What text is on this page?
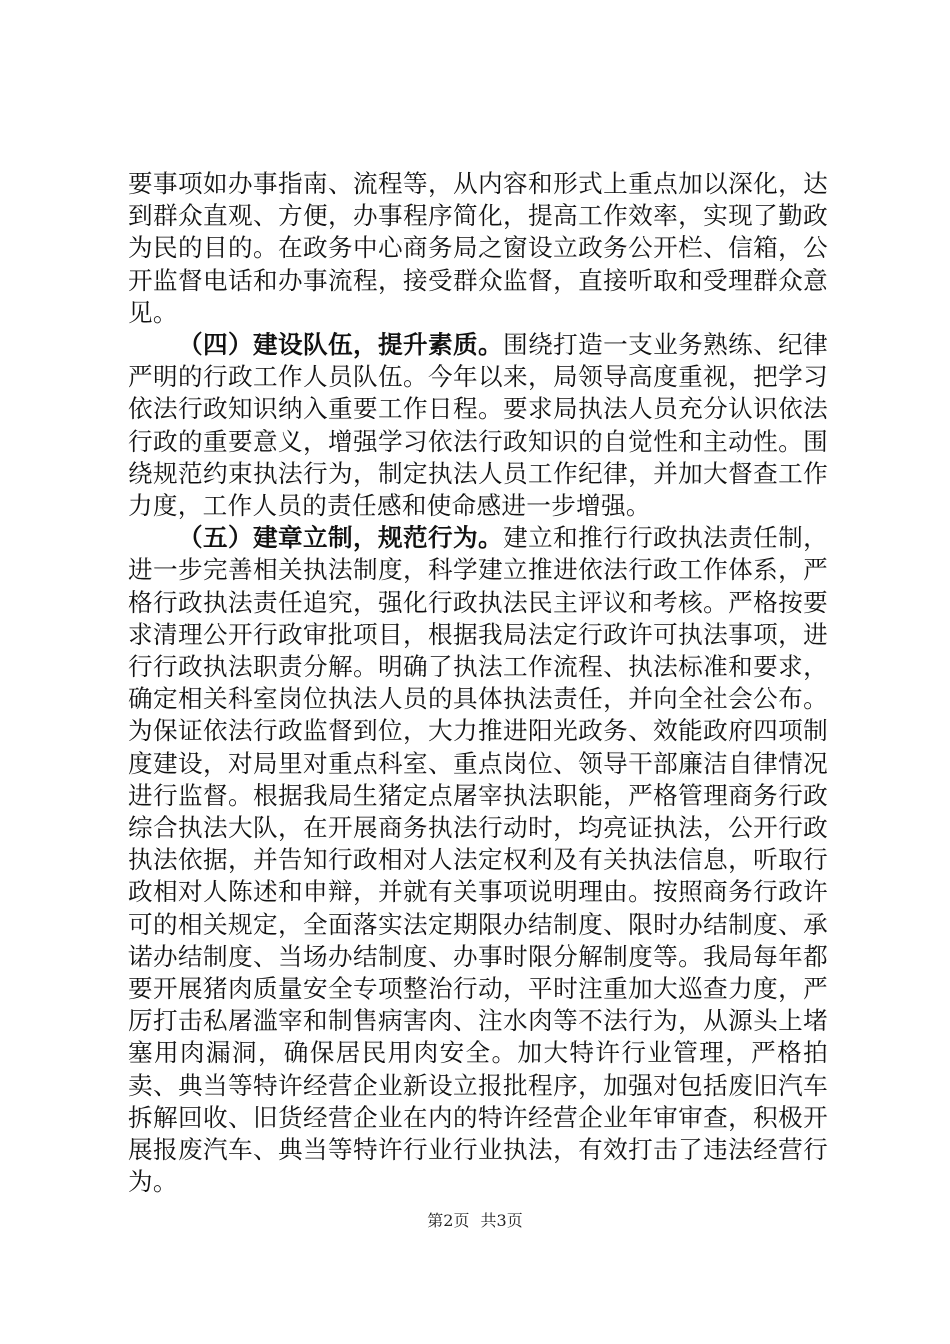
要事项如办事指南、流程等，从内容和形式上重点加以深化，达到群众直观、方便，办事程序简化，提高工作效率，实现了勤政为民的目的。在政务中心商务局之窗设立政务公开栏、信箱，公开监督电话和办事流程，接受群众监督，直接听取和受理群众意见。

（四）建设队伍，提升素质。围绕打造一支业务熟练、纪律严明的行政工作人员队伍。今年以来，局领导高度重视，把学习依法行政知识纳入重要工作日程。要求局执法人员充分认识依法行政的重要意义，增强学习依法行政知识的自觉性和主动性。围绕规范约束执法行为，制定执法人员工作纪律，并加大督查工作力度，工作人员的责任感和使命感进一步增强。

（五）建章立制，规范行为。建立和推行行政执法责任制，进一步完善相关执法制度，科学建立推进依法行政工作体系，严格行政执法责任追究，强化行政执法民主评议和考核。严格按要求清理公开行政审批项目，根据我局法定行政许可执法事项，进行行政执法职责分解。明确了执法工作流程、执法标准和要求，确定相关科室岗位执法人员的具体执法责任，并向全社会公布。为保证依法行政监督到位，大力推进阳光政务、效能政府四项制度建设，对局里对重点科室、重点岗位、领导干部廉洁自律情况进行监督。根据我局生猪定点屠宰执法职能，严格管理商务行政综合执法大队，在开展商务执法行动时，均亮证执法，公开行政执法依据，并告知行政相对人法定权利及有关执法信息，听取行政相对人陈述和申辩，并就有关事项说明理由。按照商务行政许可的相关规定，全面落实法定期限办结制度、限时办结制度、承诺办结制度、当场办结制度、办事时限分解制度等。我局每年都要开展猪肉质量安全专项整治行动，平时注重加大巡查力度，严厉打击私屠滥宰和制售病害肉、注水肉等不法行为，从源头上堵塞用肉漏洞，确保居民用肉安全。加大特许行业管理，严格拍卖、典当等特许经营企业新设立报批程序，加强对包括废旧汽车拆解回收、旧货经营企业在内的特许经营企业年审审查，积极开展报废汽车、典当等特许行业行业执法，有效打击了违法经营行为。

第2页 共3页
